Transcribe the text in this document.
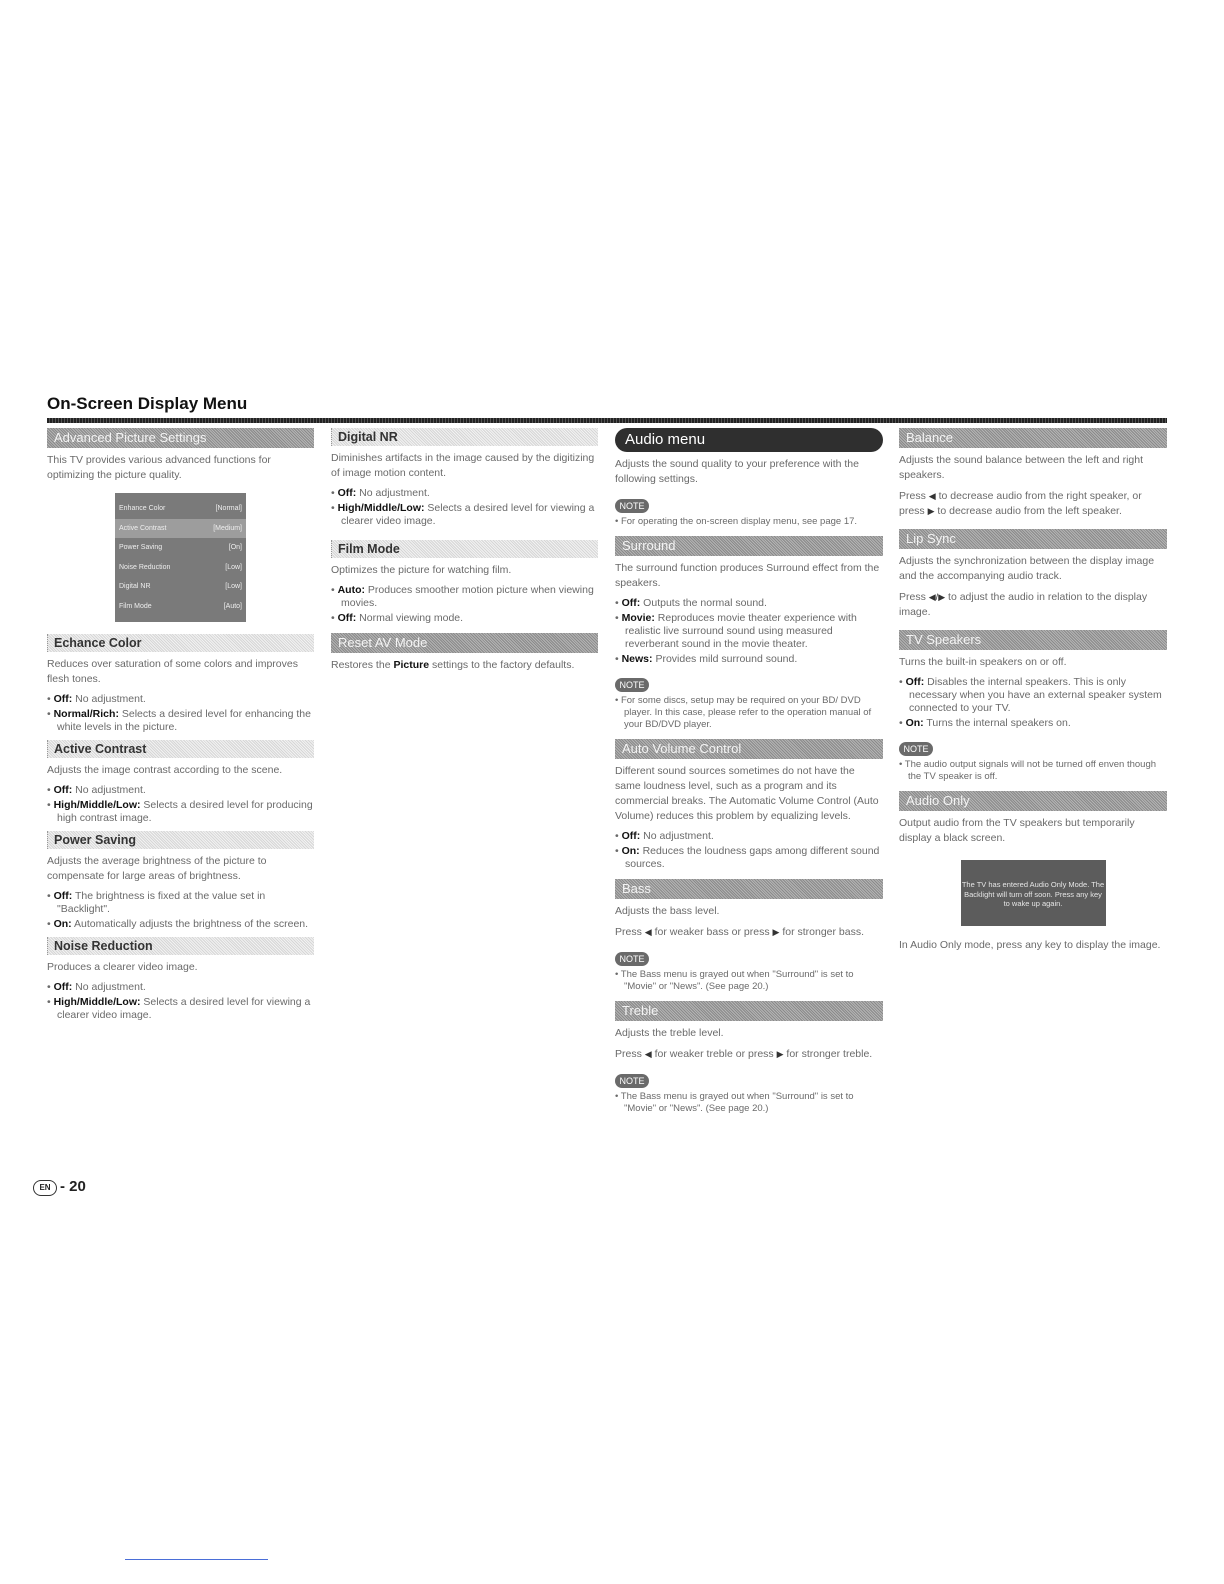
On-Screen Display Menu
Advanced Picture Settings

This TV provides various advanced functions for optimizing the picture quality.

Enhance Color	[Normal]
Active Contrast	[Medium]
Power Saving	[On]
Noise Reduction	[Low]
Digital NR	[Low]
Film Mode	[Auto]
Echance Color

Reduces over saturation of some colors and improves flesh tones.

• Off: No adjustment.
• Normal/Rich: Selects a desired level for enhancing the white levels in the picture.
Active Contrast

Adjusts the image contrast according to the scene.

• Off: No adjustment.
• High/Middle/Low: Selects a desired level for producing high contrast image.
Power Saving

Adjusts the average brightness of the picture to compensate for large areas of brightness.

• Off: The brightness is fixed at the value set in "Backlight".
• On: Automatically adjusts the brightness of the screen.
Noise Reduction

Produces a clearer video image.

• Off: No adjustment.
• High/Middle/Low: Selects a desired level for viewing a clearer video image.
Digital NR

Diminishes artifacts in the image caused by the digitizing of image motion content.

• Off: No adjustment.
• High/Middle/Low: Selects a desired level for viewing a clearer video image.
Film Mode

Optimizes the picture for watching film.

• Auto: Produces smoother motion picture when viewing movies.
• Off: Normal viewing mode.
Reset AV Mode

Restores the Picture settings to the factory defaults.

Audio menu

Adjusts the sound quality to your preference with the following settings.

NOTE
• For operating the on-screen display menu, see page 17.
Surround

The surround function produces Surround effect from the speakers.

• Off: Outputs the normal sound.
• Movie: Reproduces movie theater experience with realistic live surround sound using measured reverberant sound in the movie theater.
• News: Provides mild surround sound.
NOTE
• For some discs, setup may be required on your BD/ DVD player. In this case, please refer to the operation manual of your BD/DVD player.
Auto Volume Control

Different sound sources sometimes do not have the same loudness level, such as a program and its commercial breaks. The Automatic Volume Control (Auto Volume) reduces this problem by equalizing levels.

• Off: No adjustment.
• On: Reduces the loudness gaps among different sound sources.
Bass

Adjusts the bass level.

Press ◀ for weaker bass or press ▶ for stronger bass.

NOTE
• The Bass menu is grayed out when "Surround" is set to "Movie" or "News". (See page 20.)
Treble

Adjusts the treble level.

Press ◀ for weaker treble or press ▶ for stronger treble.

NOTE
• The Bass menu is grayed out when "Surround" is set to "Movie" or "News". (See page 20.)
Balance

Adjusts the sound balance between the left and right speakers.

Press ◀ to decrease audio from the right speaker, or press ▶ to decrease audio from the left speaker.

Lip Sync

Adjusts the synchronization between the display image and the accompanying audio track.

Press ◀/▶ to adjust the audio in relation to the display image.

TV Speakers

Turns the built-in speakers on or off.

• Off: Disables the internal speakers. This is only necessary when you have an external speaker system connected to your TV.
• On: Turns the internal speakers on.
NOTE
• The audio output signals will not be turned off enven though the TV speaker is off.
Audio Only

Output audio from the TV speakers but temporarily display a black screen.

The TV has entered Audio Only Mode. The Backlight will turn off soon. Press any key to wake up again.

In Audio Only mode, press any key to display the image.

EN - 20
